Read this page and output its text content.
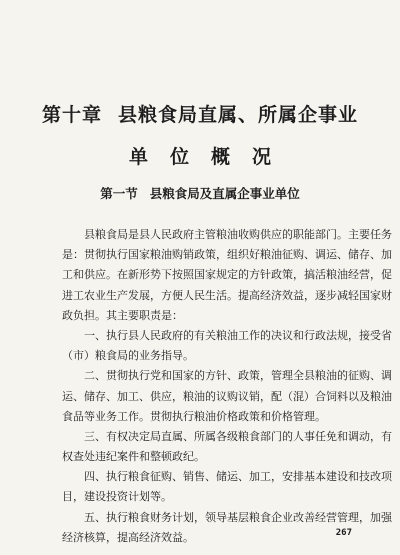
第十章 县粮食局直属、所属企事业
单位概况
第一节 县粮食局及直属企事业单位
　　县粮食局是县人民政府主管粮油收购供应的职能部门。主要任务
是：贯彻执行国家粮油购销政策，组织好粮油征购、调运、储存、加
工和供应。在新形势下按照国家规定的方针政策，搞活粮油经营，促
进工农业生产发展，方便人民生活。提高经济效益，逐步减轻国家财
政负担。其主要职责是：
　　一、执行县人民政府的有关粮油工作的决议和行政法规，接受省
（市）粮食局的业务指导。
　　二、贯彻执行党和国家的方针、政策，管理全县粮油的征购、调
运、储存、加工、供应，粮油的议购议销，配（混）合饲料以及粮油
食品等业务工作。贯彻执行粮油价格政策和价格管理。
　　三、有权决定局直属、所属各级粮食部门的人事任免和调动，有
权查处违纪案件和整顿政纪。
　　四、执行粮食征购、销售、储运、加工，安排基本建设和技改项
目，建设投资计划等。
　　五、执行粮食财务计划，领导基层粮食企业改善经营管理，加强
经济核算，提高经济效益。	267
